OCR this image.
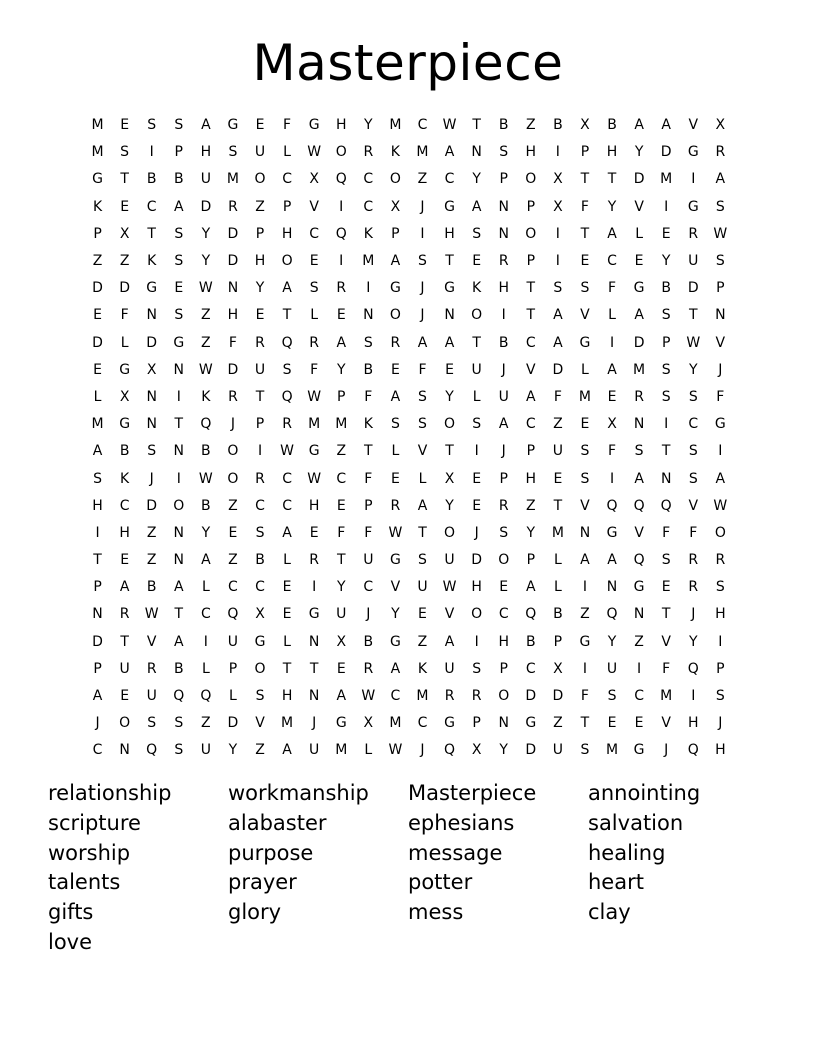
Masterpiece
M	E	S	S	A	G	E	F	G	H	Y	M	C	W	T	B	Z	B	X	B	A	A	V	X
M	S	I	P	H	S	U	L	W	O	R	K	M	A	N	S	H	I	P	H	Y	D	G	R
G	T	B	B	U	M	O	C	X	Q	C	O	Z	C	Y	P	O	X	T	T	D	M	I	A
K	E	C	A	D	R	Z	P	V	I	C	X	J	G	A	N	P	X	F	Y	V	I	G	S
P	X	T	S	Y	D	P	H	C	Q	K	P	I	H	S	N	O	I	T	A	L	E	R	W
Z	Z	K	S	Y	D	H	O	E	I	M	A	S	T	E	R	P	I	E	C	E	Y	U	S
D	D	G	E	W	N	Y	A	S	R	I	G	J	G	K	H	T	S	S	F	G	B	D	P
E	F	N	S	Z	H	E	T	L	E	N	O	J	N	O	I	T	A	V	L	A	S	T	N
D	L	D	G	Z	F	R	Q	R	A	S	R	A	A	T	B	C	A	G	I	D	P	W	V
E	G	X	N	W	D	U	S	F	Y	B	E	F	E	U	J	V	D	L	A	M	S	Y	J
L	X	N	I	K	R	T	Q	W	P	F	A	S	Y	L	U	A	F	M	E	R	S	S	F
M	G	N	T	Q	J	P	R	M	M	K	S	S	O	S	A	C	Z	E	X	N	I	C	G
A	B	S	N	B	O	I	W	G	Z	T	L	V	T	I	J	P	U	S	F	S	T	S	I
S	K	J	I	W	O	R	C	W	C	F	E	L	X	E	P	H	E	S	I	A	N	S	A
H	C	D	O	B	Z	C	C	H	E	P	R	A	Y	E	R	Z	T	V	Q	Q	Q	V	W
I	H	Z	N	Y	E	S	A	E	F	F	W	T	O	J	S	Y	M	N	G	V	F	F	O
T	E	Z	N	A	Z	B	L	R	T	U	G	S	U	D	O	P	L	A	A	Q	S	R	R
P	A	B	A	L	C	C	E	I	Y	C	V	U	W	H	E	A	L	I	N	G	E	R	S
N	R	W	T	C	Q	X	E	G	U	J	Y	E	V	O	C	Q	B	Z	Q	N	T	J	H
D	T	V	A	I	U	G	L	N	X	B	G	Z	A	I	H	B	P	G	Y	Z	V	Y	I
P	U	R	B	L	P	O	T	T	E	R	A	K	U	S	P	C	X	I	U	I	F	Q	P
A	E	U	Q	Q	L	S	H	N	A	W	C	M	R	R	O	D	D	F	S	C	M	I	S
J	O	S	S	Z	D	V	M	J	G	X	M	C	G	P	N	G	Z	T	E	E	V	H	J
C	N	Q	S	U	Y	Z	A	U	M	L	W	J	Q	X	Y	D	U	S	M	G	J	Q	H
relationship	workmanship	Masterpiece	annointing
scripture	alabaster	ephesians	salvation
worship	purpose	message	healing
talents	prayer	potter	heart
gifts	glory	mess	clay
love
